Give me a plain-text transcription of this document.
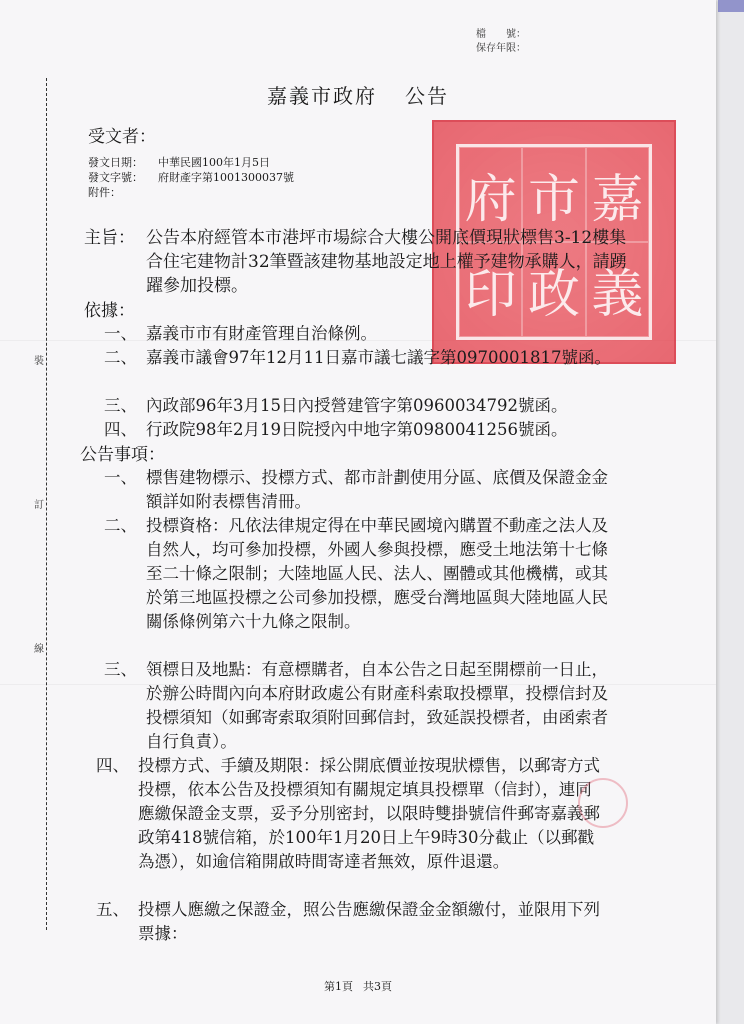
檔　　號：
保存年限：
裝
訂
線
府 市 嘉
印 政 義
嘉義市政府 公告
受文者：
發文日期： 中華民國100年1月5日
發文字號： 府財產字第1001300037號
附件：
主旨： 公告本府經管本市港坪市場綜合大樓公開底價現狀標售3-12樓集合住宅建物計32筆暨該建物基地設定地上權予建物承購人，請踴躍參加投標。
依據：
一、 嘉義市市有財產管理自治條例。
二、 嘉義市議會97年12月11日嘉市議七議字第0970001817號函。
三、 內政部96年3月15日內授營建管字第0960034792號函。
四、 行政院98年2月19日院授內中地字第0980041256號函。
公告事項：
一、 標售建物標示、投標方式、都市計劃使用分區、底價及保證金金額詳如附表標售清冊。
二、 投標資格：凡依法律規定得在中華民國境內購置不動產之法人及自然人，均可參加投標，外國人參與投標，應受土地法第十七條至二十條之限制；大陸地區人民、法人、團體或其他機構，或其於第三地區投標之公司參加投標，應受台灣地區與大陸地區人民關係條例第六十九條之限制。
三、 領標日及地點：有意標購者，自本公告之日起至開標前一日止，於辦公時間內向本府財政處公有財產科索取投標單，投標信封及投標須知（如郵寄索取須附回郵信封，致延誤投標者，由函索者自行負責）。
四、 投標方式、手續及期限：採公開底價並按現狀標售，以郵寄方式投標，依本公告及投標須知有關規定填具投標單（信封），連同應繳保證金支票，妥予分別密封，以限時雙掛號信件郵寄嘉義郵政第418號信箱，於100年1月20日上午9時30分截止（以郵戳為憑），如逾信箱開啟時間寄達者無效，原件退還。
五、 投標人應繳之保證金，照公告應繳保證金金額繳付，並限用下列票據：
第1頁 共3頁
